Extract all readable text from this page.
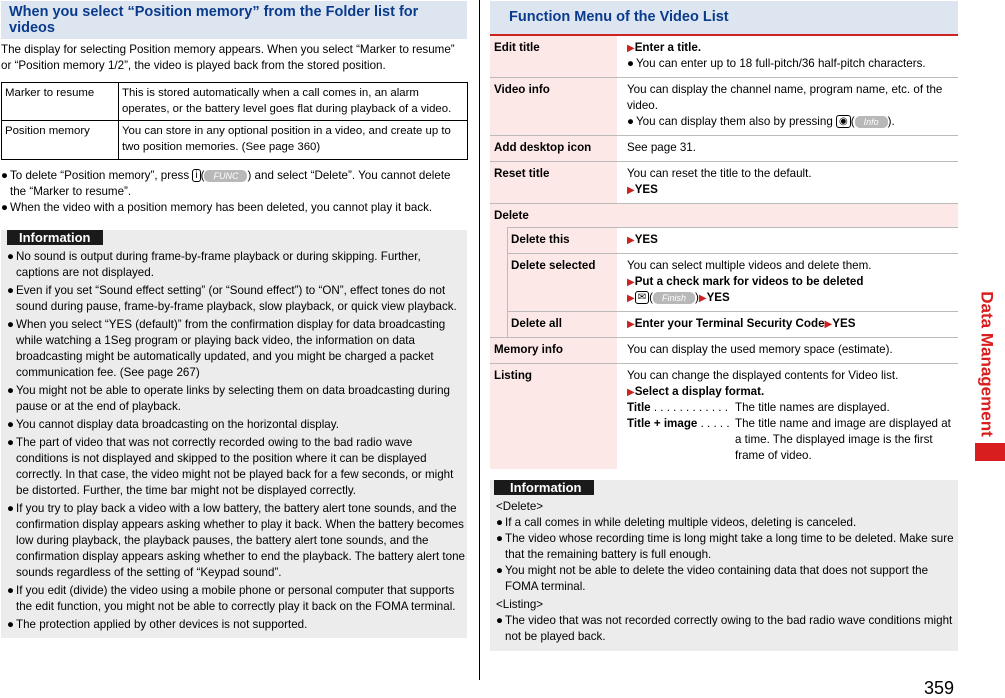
When you select “Position memory” from the Folder list for videos

The display for selecting Position memory appears. When you select “Marker to resume” or “Position memory 1/2”, the video is played back from the stored position.

Marker to resume	This is stored automatically when a call comes in, an alarm operates, or the battery level goes flat during playback of a video.
Position memory	You can store in any optional position in a video, and create up to two position memories. (See page 360)

● To delete “Position memory”, press i ( FUNC ) and select “Delete”. You cannot delete the “Marker to resume”.

● When the video with a position memory has been deleted, you cannot play it back.

Information
● No sound is output during frame-by-frame playback or during skipping. Further, captions are not displayed.
● Even if you set “Sound effect setting” (or “Sound effect”) to “ON”, effect tones do not sound during pause, frame-by-frame playback, slow playback, or quick view playback.
● When you select “YES (default)” from the confirmation display for data broadcasting while watching a 1Seg program or playing back video, the information on data broadcasting might be automatically updated, and you might be charged a packet communication fee. (See page 267)
● You might not be able to operate links by selecting them on data broadcasting during pause or at the end of playback.
● You cannot display data broadcasting on the horizontal display.
● The part of video that was not correctly recorded owing to the bad radio wave conditions is not displayed and skipped to the position where it can be displayed correctly. In that case, the video might not be played back for a few seconds, or might be distorted. Further, the time bar might not be displayed correctly.
● If you try to play back a video with a low battery, the battery alert tone sounds, and the confirmation display appears asking whether to play it back. When the battery becomes low during playback, the playback pauses, the battery alert tone sounds, and the confirmation display appears asking whether to end the playback. The battery alert tone sounds regardless of the setting of “Keypad sound”.
● If you edit (divide) the video using a mobile phone or personal computer that supports the edit function, you might not be able to correctly play it back on the FOMA terminal.
● The protection applied by other devices is not supported.
Function Menu of the Video List
Edit title	▶Enter a title.
● You can enter up to 18 full-pitch/36 half-pitch characters.
Video info	You can display the channel name, program name, etc. of the video.
● You can display them also by pressing ◉ ( Info ).
Add desktop icon	See page 31.
Reset title	You can reset the title to the default.
▶YES
Delete
Delete this	▶YES
Delete selected	You can select multiple videos and delete them.
▶Put a check mark for videos to be deleted
▶ ✉ ( Finish )▶YES
Delete all	▶Enter your Terminal Security Code▶YES
Memory info	You can display the used memory space (estimate).
Listing	You can change the displayed contents for Video list.
▶Select a display format.
Title . . . . . . . . . . . . The title names are displayed.
Title + image . . . . . The title name and image are displayed at a time. The displayed image is the first frame of video.
Information
<Delete>
● If a call comes in while deleting multiple videos, deleting is canceled.
● The video whose recording time is long might take a long time to be deleted. Make sure that the remaining battery is full enough.
● You might not be able to delete the video containing data that does not support the FOMA terminal.
<Listing>
● The video that was not recorded correctly owing to the bad radio wave conditions might not be played back.
Data Management
359
